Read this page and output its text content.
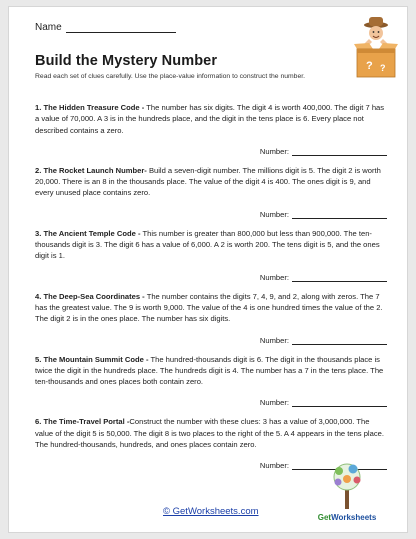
Name
Build the Mystery Number
Read each set of clues carefully. Use the place-value information to construct the number.
? ?
1. The Hidden Treasure Code - The number has six digits. The digit 4 is worth 400,000. The digit 7 has a value of 70,000. A 3 is in the hundreds place, and the digit in the tens place is 6. Every place not described contains a zero.
Number:
2. The Rocket Launch Number- Build a seven-digit number. The millions digit is 5. The digit 2 is worth 20,000. There is an 8 in the thousands place. The value of the digit 4 is 400. The ones digit is 9, and every unused place contains zero.
Number:
3. The Ancient Temple Code - This number is greater than 800,000 but less than 900,000. The ten-thousands digit is 3. The digit 6 has a value of 6,000. A 2 is worth 200. The tens digit is 5, and the ones digit is 1.
Number:
4. The Deep-Sea Coordinates - The number contains the digits 7, 4, 9, and 2, along with zeros. The 7 has the greatest value. The 9 is worth 9,000. The value of the 4 is one hundred times the value of the 2. The digit 2 is in the ones place. The number has six digits.
Number:
5. The Mountain Summit Code - The hundred-thousands digit is 6. The digit in the thousands place is twice the digit in the hundreds place. The hundreds digit is 4. The number has a 7 in the tens place. The ten-thousands and ones places both contain zero.
Number:
6. The Time-Travel Portal -Construct the number with these clues: 3 has a value of 3,000,000. The value of the digit 5 is 50,000. The digit 8 is two places to the right of the 5. A 4 appears in the tens place. The hundred-thousands, hundreds, and ones places contain zero.
Number:
© GetWorksheets.com
GetWorksheets
